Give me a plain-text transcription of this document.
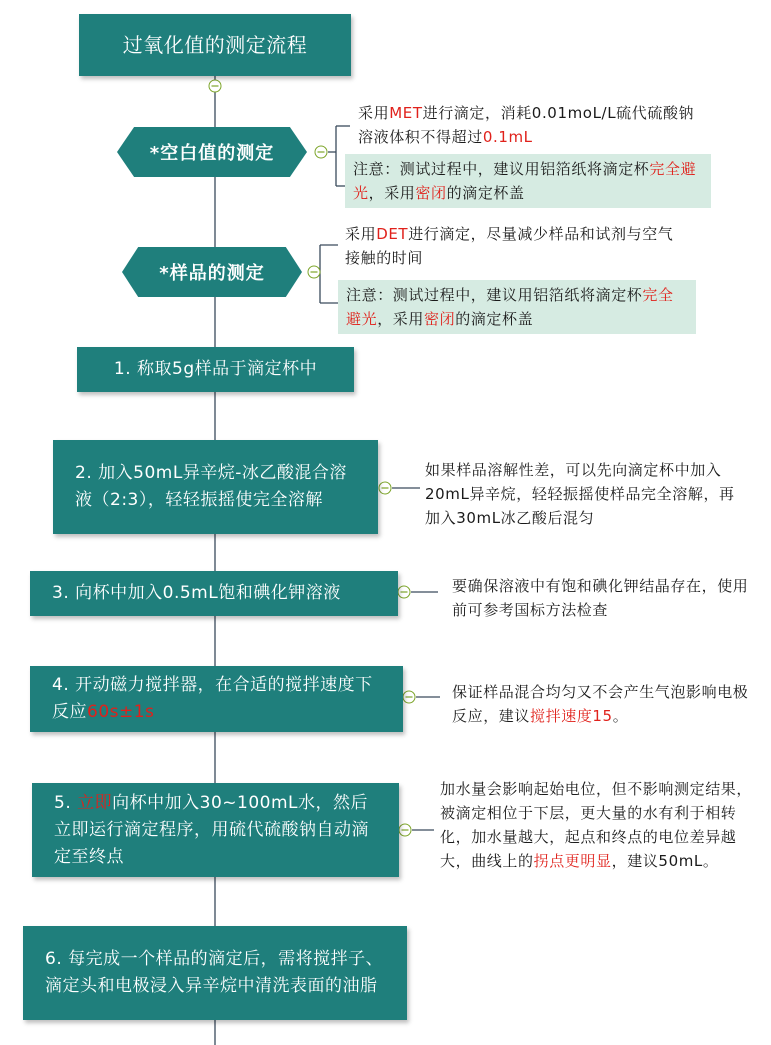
过氧化值的测定流程
*空白值的测定
采用MET进行滴定，消耗0.01moL/L硫代硫酸钠溶液体积不得超过0.1mL
注意：测试过程中，建议用铝箔纸将滴定杯完全避光，采用密闭的滴定杯盖
*样品的测定
采用DET进行滴定，尽量减少样品和试剂与空气接触的时间
注意：测试过程中，建议用铝箔纸将滴定杯完全避光，采用密闭的滴定杯盖
1. 称取5g样品于滴定杯中
2. 加入50mL异辛烷-冰乙酸混合溶液（2:3），轻轻振摇使完全溶解
如果样品溶解性差，可以先向滴定杯中加入20mL异辛烷，轻轻振摇使样品完全溶解，再加入30mL冰乙酸后混匀
3. 向杯中加入0.5mL饱和碘化钾溶液	要确保溶液中有饱和碘化钾结晶存在，使用前可参考国标方法检查
4. 开动磁力搅拌器，在合适的搅拌速度下反应60s±1s
保证样品混合均匀又不会产生气泡影响电极反应，建议搅拌速度15。
5. 立即向杯中加入30~100mL水，然后立即运行滴定程序，用硫代硫酸钠自动滴定至终点
加水量会影响起始电位，但不影响测定结果，被滴定相位于下层，更大量的水有利于相转化，加水量越大，起点和终点的电位差异越大，曲线上的拐点更明显，建议50mL。
6. 每完成一个样品的滴定后，需将搅拌子、滴定头和电极浸入异辛烷中清洗表面的油脂
